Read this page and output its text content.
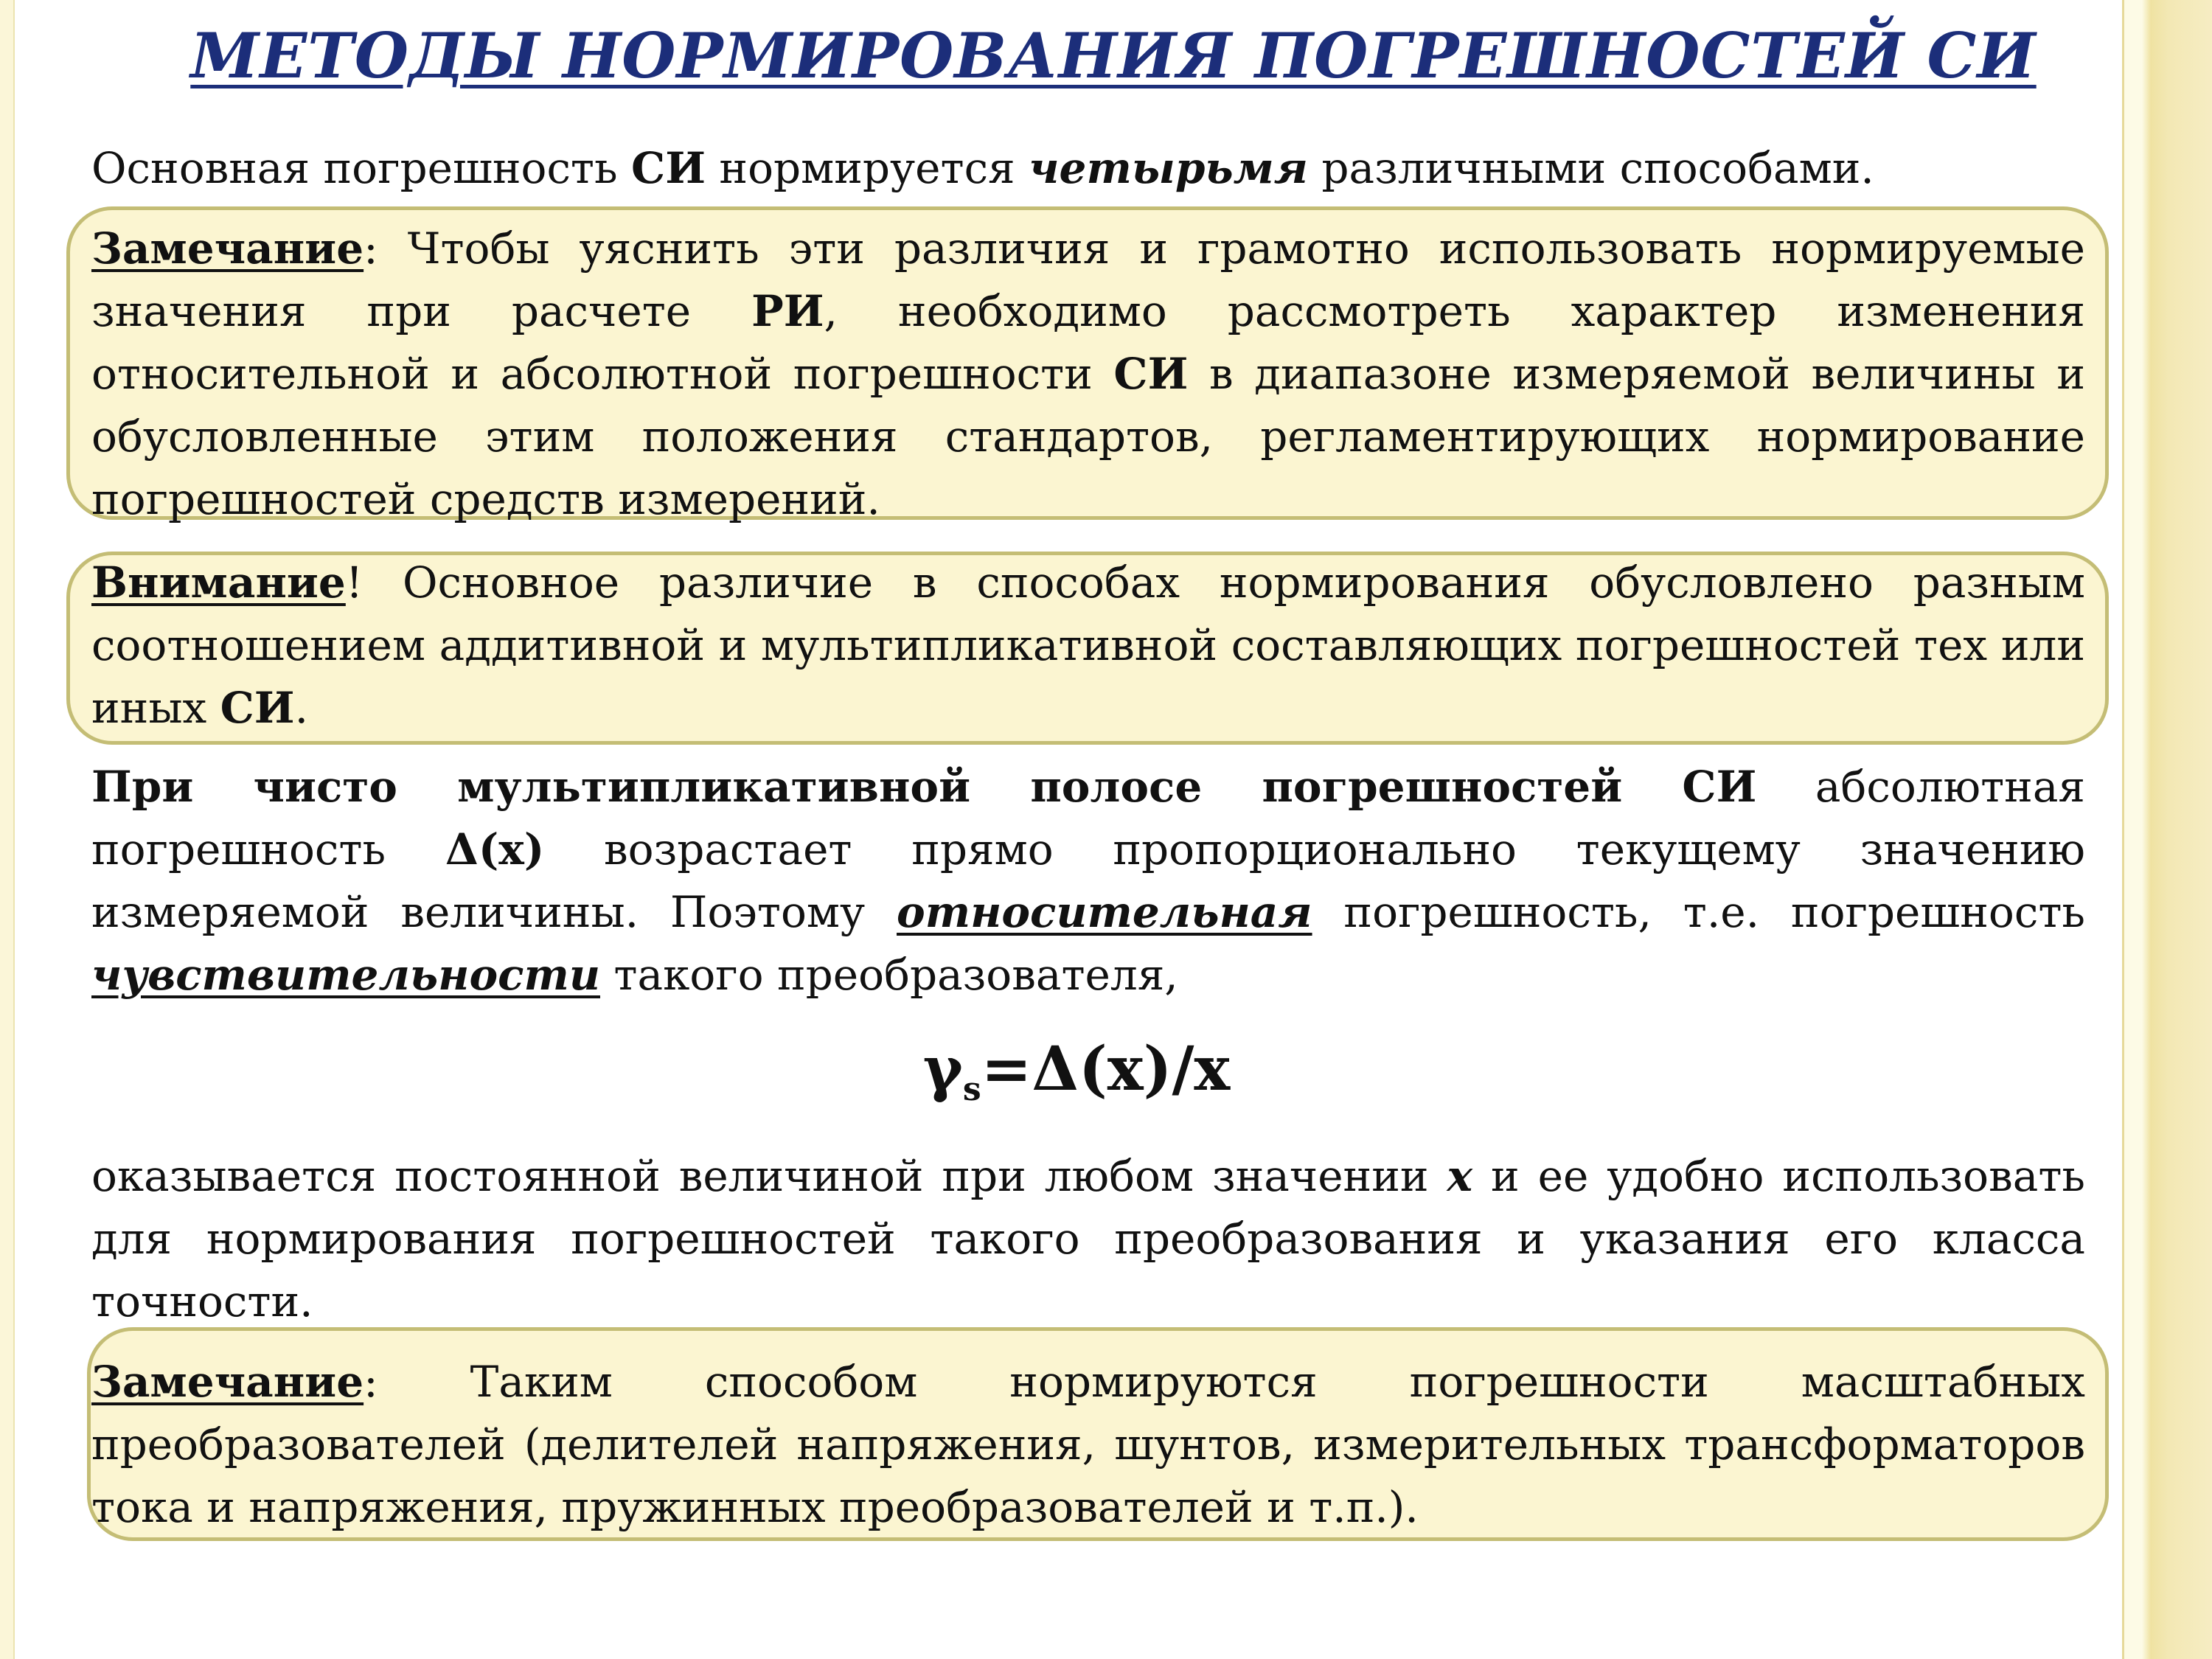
МЕТОДЫ НОРМИРОВАНИЯ ПОГРЕШНОСТЕЙ СИ

Основная погрешность СИ нормируется четырьмя различными способами.

Замечание: Чтобы уяснить эти различия и грамотно использовать нормируемые значения при расчете РИ, необходимо рассмотреть характер изменения относительной и абсолютной погрешности СИ в диапазоне измеряемой величины и обусловленные этим положения стандартов, регламентирующих нормирование погрешностей средств измерений.

Внимание! Основное различие в способах нормирования обусловлено разным соотношением аддитивной и мультипликативной составляющих погрешностей тех или иных СИ.

При чисто мультипликативной полосе погрешностей СИ абсолютная погрешность Δ(x) возрастает прямо пропорционально текущему значению измеряемой величины. Поэтому относительная погрешность, т.е. погрешность чувствительности такого преобразователя,

$\gamma_s=\Delta(x)/x$

оказывается постоянной величиной при любом значении x и ее удобно использовать для нормирования погрешностей такого преобразования и указания его класса точности.

Замечание: Таким способом нормируются погрешности масштабных преобразователей (делителей напряжения, шунтов, измерительных трансформаторов тока и напряжения, пружинных преобразователей и т.п.).
